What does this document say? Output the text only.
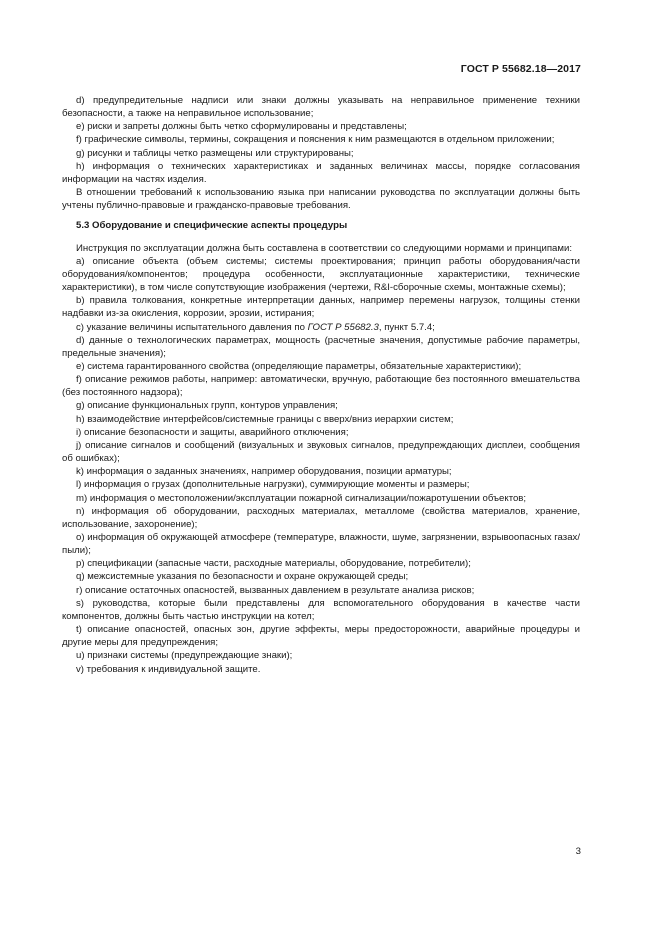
ГОСТ Р 55682.18—2017

d) предупредительные надписи или знаки должны указывать на неправильное применение техники безопасности, а также на неправильное использование;

e) риски и запреты должны быть четко сформулированы и представлены;

f) графические символы, термины, сокращения и пояснения к ним размещаются в отдельном приложении;

g) рисунки и таблицы четко размещены или структурированы;

h) информация о технических характеристиках и заданных величинах массы, порядке согласования информации на частях изделия.

В отношении требований к использованию языка при написании руководства по эксплуатации должны быть учтены публично-правовые и гражданско-правовые требования.

5.3 Оборудование и специфические аспекты процедуры

Инструкция по эксплуатации должна быть составлена в соответствии со следующими нормами и принципами:

a) описание объекта (объем системы; системы проектирования; принцип работы оборудования/части оборудования/компонентов; процедура особенности, эксплуатационные характеристики, технические характеристики), в том числе сопутствующие изображения (чертежи, R&I-сборочные схемы, монтажные схемы);

b) правила толкования, конкретные интерпретации данных, например перемены нагрузок, толщины стенки надбавки из-за окисления, коррозии, эрозии, истирания;

c) указание величины испытательного давления по ГОСТ Р 55682.3, пункт 5.7.4;

d) данные о технологических параметрах, мощность (расчетные значения, допустимые рабочие параметры, предельные значения);

e) система гарантированного свойства (определяющие параметры, обязательные характеристики);

f) описание режимов работы, например: автоматически, вручную, работающие без постоянного вмешательства (без постоянного надзора);

g) описание функциональных групп, контуров управления;

h) взаимодействие интерфейсов/системные границы с вверх/вниз иерархии систем;

i) описание безопасности и защиты, аварийного отключения;

j) описание сигналов и сообщений (визуальных и звуковых сигналов, предупреждающих дисплеи, сообщения об ошибках);

k) информация о заданных значениях, например оборудования, позиции арматуры;

l) информация о грузах (дополнительные нагрузки), суммирующие моменты и размеры;

m) информация о местоположении/эксплуатации пожарной сигнализации/пожаротушении объектов;

n) информация об оборудовании, расходных материалах, металломе (свойства материалов, хранение, использование, захоронение);

o) информация об окружающей атмосфере (температуре, влажности, шуме, загрязнении, взрывоопасных газах/пыли);

p) спецификации (запасные части, расходные материалы, оборудование, потребители);

q) межсистемные указания по безопасности и охране окружающей среды;

r) описание остаточных опасностей, вызванных давлением в результате анализа рисков;

s) руководства, которые были представлены для вспомогательного оборудования в качестве части компонентов, должны быть частью инструкции на котел;

t) описание опасностей, опасных зон, другие эффекты, меры предосторожности, аварийные процедуры и другие меры для предупреждения;

u) признаки системы (предупреждающие знаки);

v) требования к индивидуальной защите.

3
